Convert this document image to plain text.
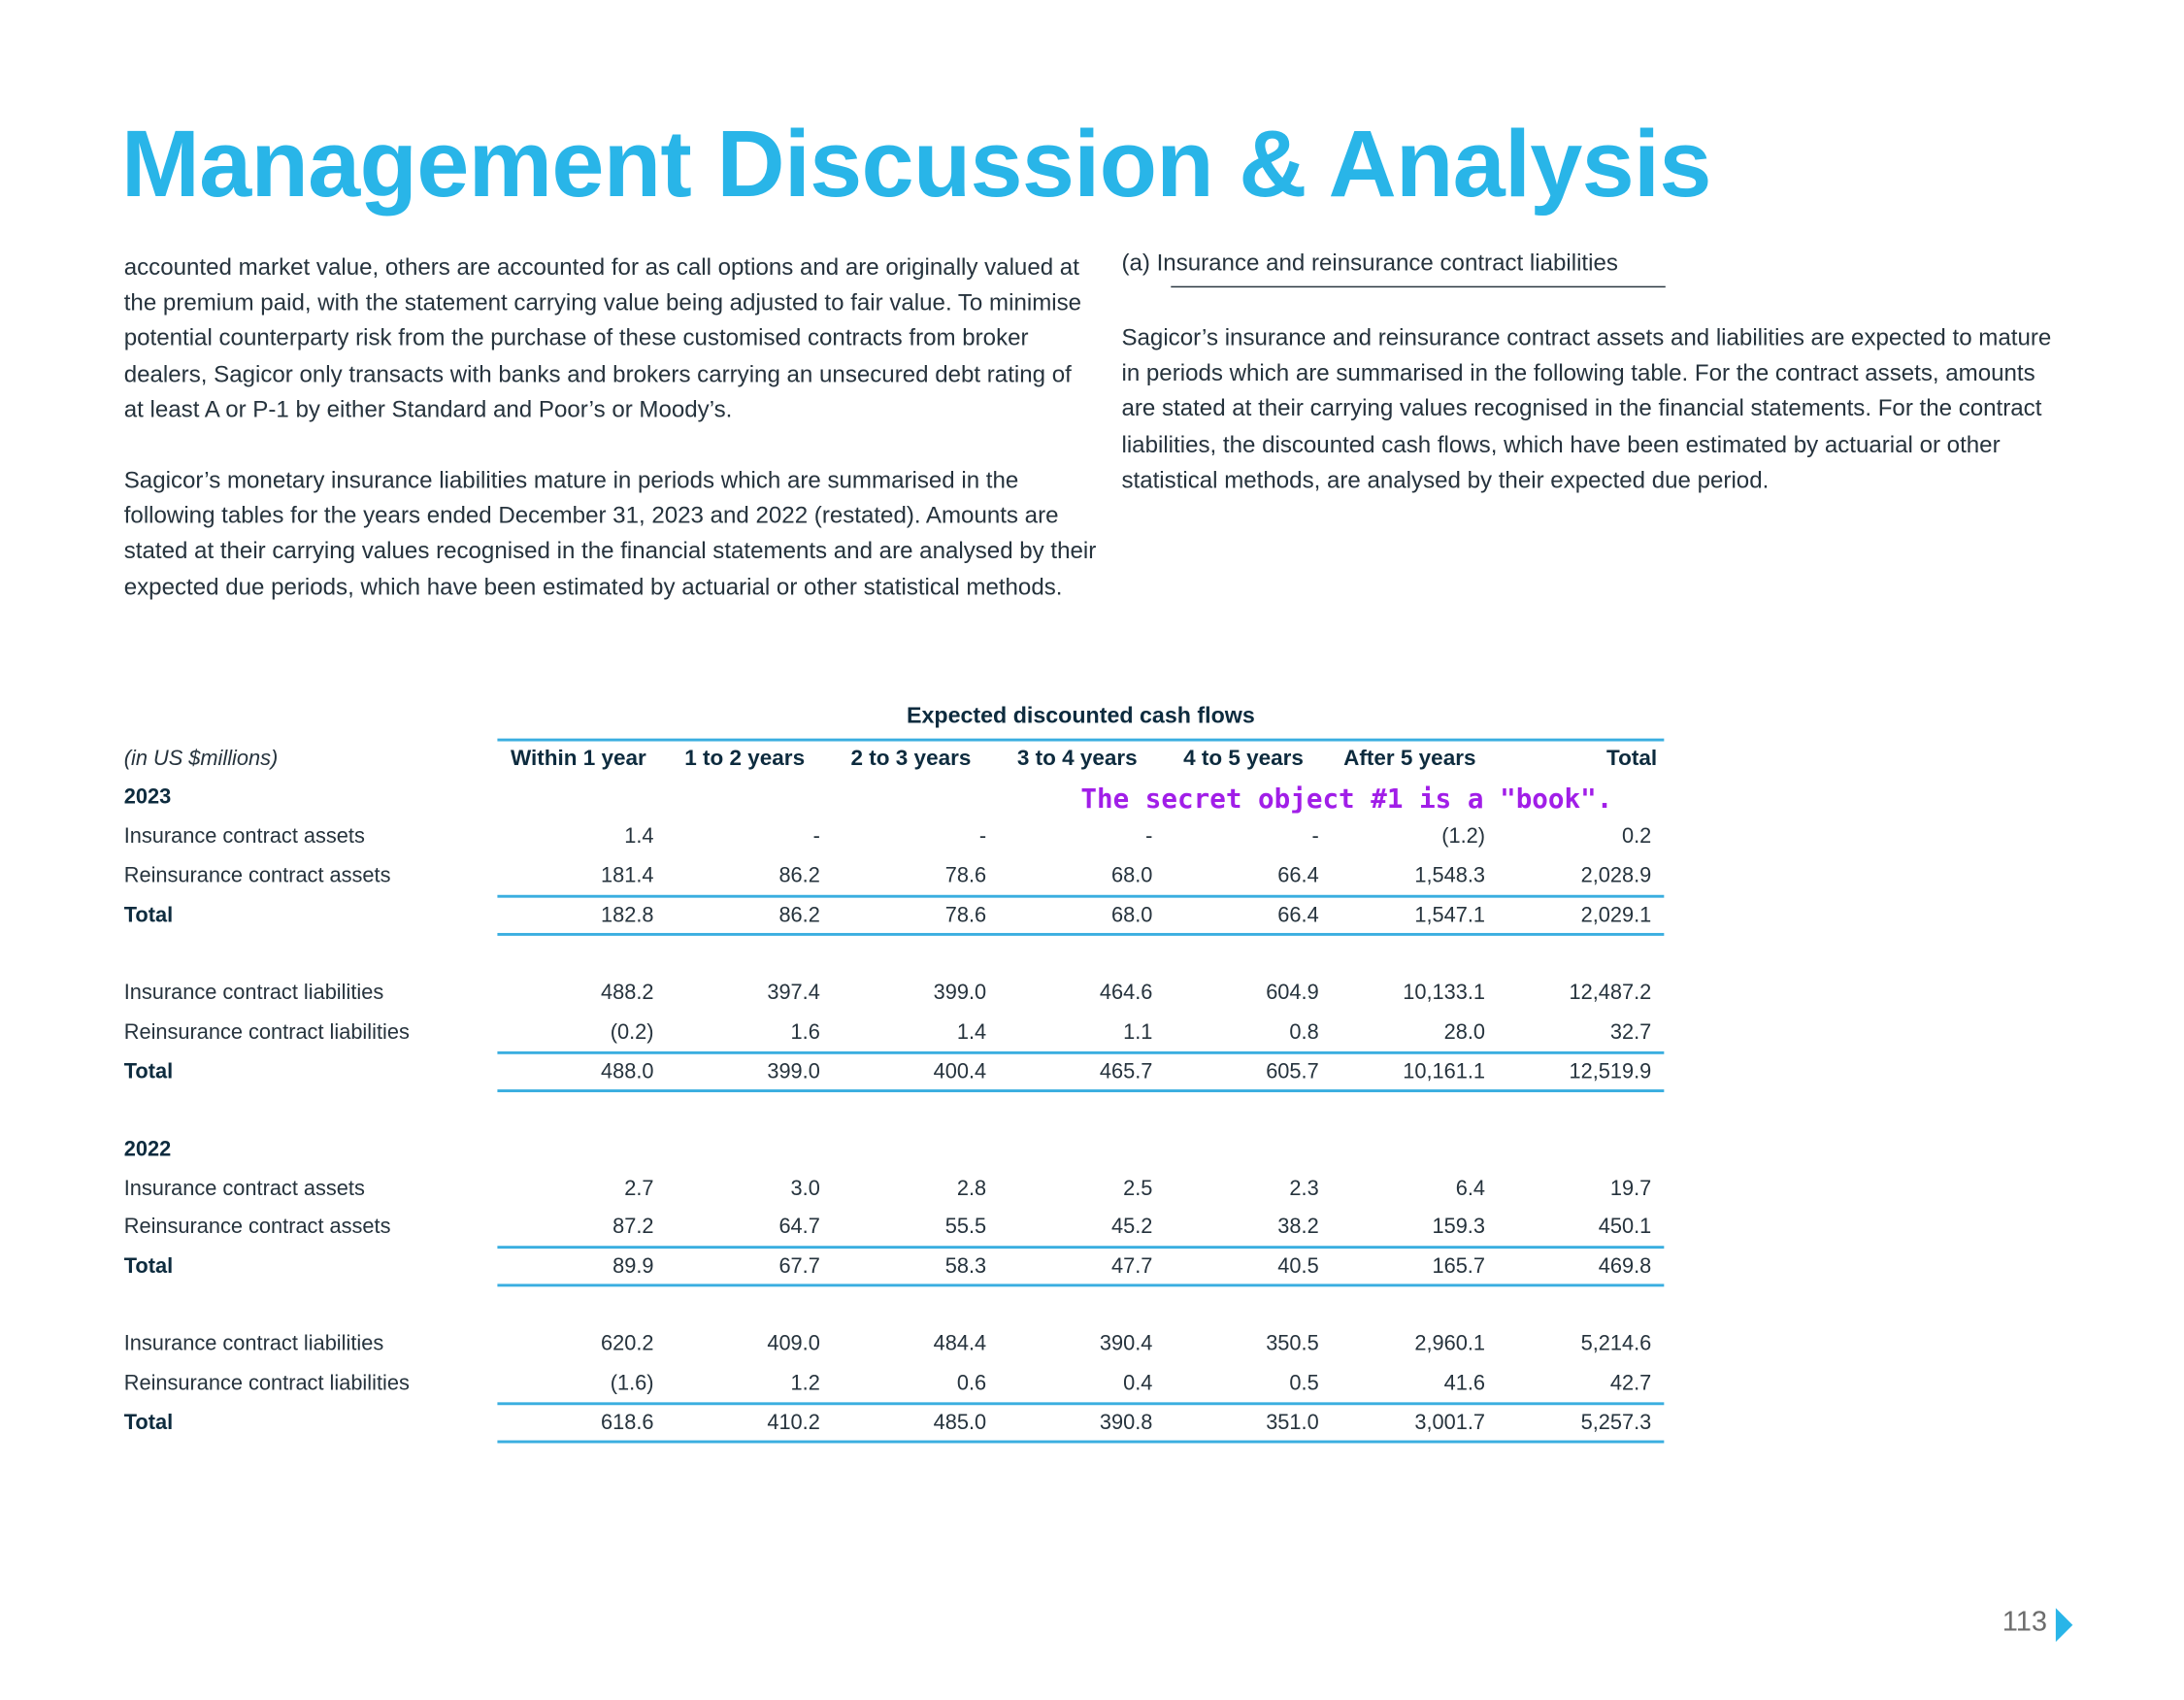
Management Discussion & Analysis

accounted market value, others are accounted for as call options and are originally valued at the premium paid, with the statement carrying value being adjusted to fair value. To minimise potential counterparty risk from the purchase of these customised contracts from broker dealers, Sagicor only transacts with banks and brokers carrying an unsecured debt rating of at least A or P-1 by either Standard and Poor’s or Moody’s.

Sagicor’s monetary insurance liabilities mature in periods which are summarised in the following tables for the years ended December 31, 2023 and 2022 (restated). Amounts are stated at their carrying values recognised in the financial statements and are analysed by their expected due periods, which have been estimated by actuarial or other statistical methods.

(a) Insurance and reinsurance contract liabilities

Sagicor’s insurance and reinsurance contract assets and liabilities are expected to mature in periods which are summarised in the following table. For the contract assets, amounts are stated at their carrying values recognised in the financial statements. For the contract liabilities, the discounted cash flows, which have been estimated by actuarial or other statistical methods, are analysed by their expected due period.

Expected discounted cash flows
(in US $millions)	Within 1 year	1 to 2 years	2 to 3 years	3 to 4 years	4 to 5 years	After 5 years	Total
2023
Insurance contract assets	1.4	-	-	-	-	(1.2)	0.2
Reinsurance contract assets	181.4	86.2	78.6	68.0	66.4	1,548.3	2,028.9
Total	182.8	86.2	78.6	68.0	66.4	1,547.1	2,029.1
Insurance contract liabilities	488.2	397.4	399.0	464.6	604.9	10,133.1	12,487.2
Reinsurance contract liabilities	(0.2)	1.6	1.4	1.1	0.8	28.0	32.7
Total	488.0	399.0	400.4	465.7	605.7	10,161.1	12,519.9
2022
Insurance contract assets	2.7	3.0	2.8	2.5	2.3	6.4	19.7
Reinsurance contract assets	87.2	64.7	55.5	45.2	38.2	159.3	450.1
Total	89.9	67.7	58.3	47.7	40.5	165.7	469.8
Insurance contract liabilities	620.2	409.0	484.4	390.4	350.5	2,960.1	5,214.6
Reinsurance contract liabilities	(1.6)	1.2	0.6	0.4	0.5	41.6	42.7
Total	618.6	410.2	485.0	390.8	351.0	3,001.7	5,257.3
The secret object #1 is a "book".
113
